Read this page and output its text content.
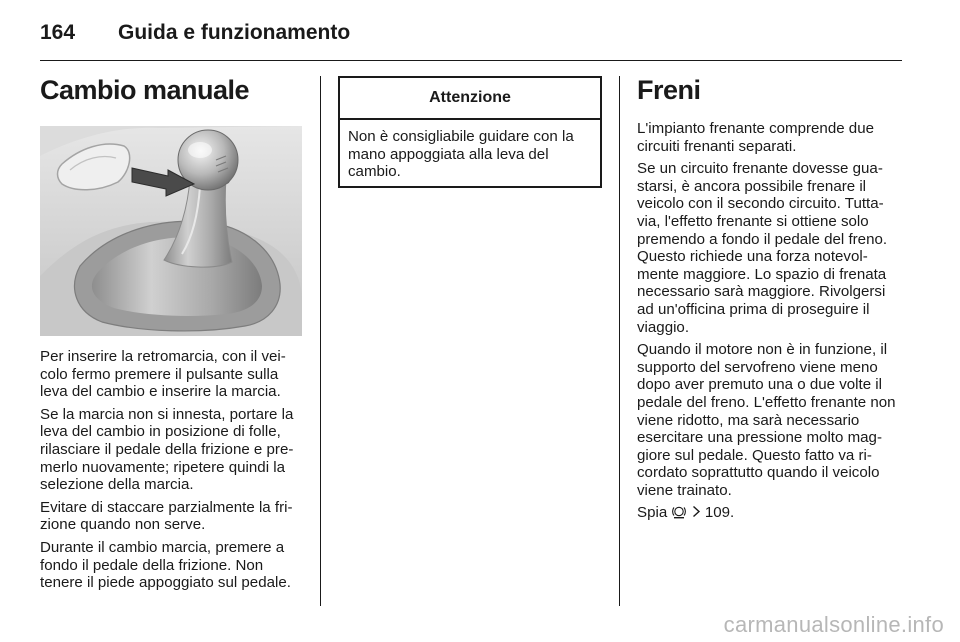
164	Guida e funzionamento
Cambio manuale

Per inserire la retromarcia, con il vei-colo fermo premere il pulsante sulla leva del cambio e inserire la marcia.

Se la marcia non si innesta, portare la leva del cambio in posizione di folle, rilasciare il pedale della frizione e pre-merlo nuovamente; ripetere quindi la selezione della marcia.

Evitare di staccare parzialmente la fri-zione quando non serve.

Durante il cambio marcia, premere a fondo il pedale della frizione. Non tenere il piede appoggiato sul pedale.

Attenzione
Non è consigliabile guidare con la mano appoggiata alla leva del cambio.
Freni

L'impianto frenante comprende due circuiti frenanti separati.

Se un circuito frenante dovesse gua-starsi, è ancora possibile frenare il veicolo con il secondo circuito. Tutta-via, l'effetto frenante si ottiene solo premendo a fondo il pedale del freno. Questo richiede una forza notevol-mente maggiore. Lo spazio di frenata necessario sarà maggiore. Rivolgersi ad un'officina prima di proseguire il viaggio.

Quando il motore non è in funzione, il supporto del servofreno viene meno dopo aver premuto una o due volte il pedale del freno. L'effetto frenante non viene ridotto, ma sarà necessario esercitare una pressione molto mag-giore sul pedale. Questo fatto va ri-cordato soprattutto quando il veicolo viene trainato.

Spia 109.

carmanualsonline.info
